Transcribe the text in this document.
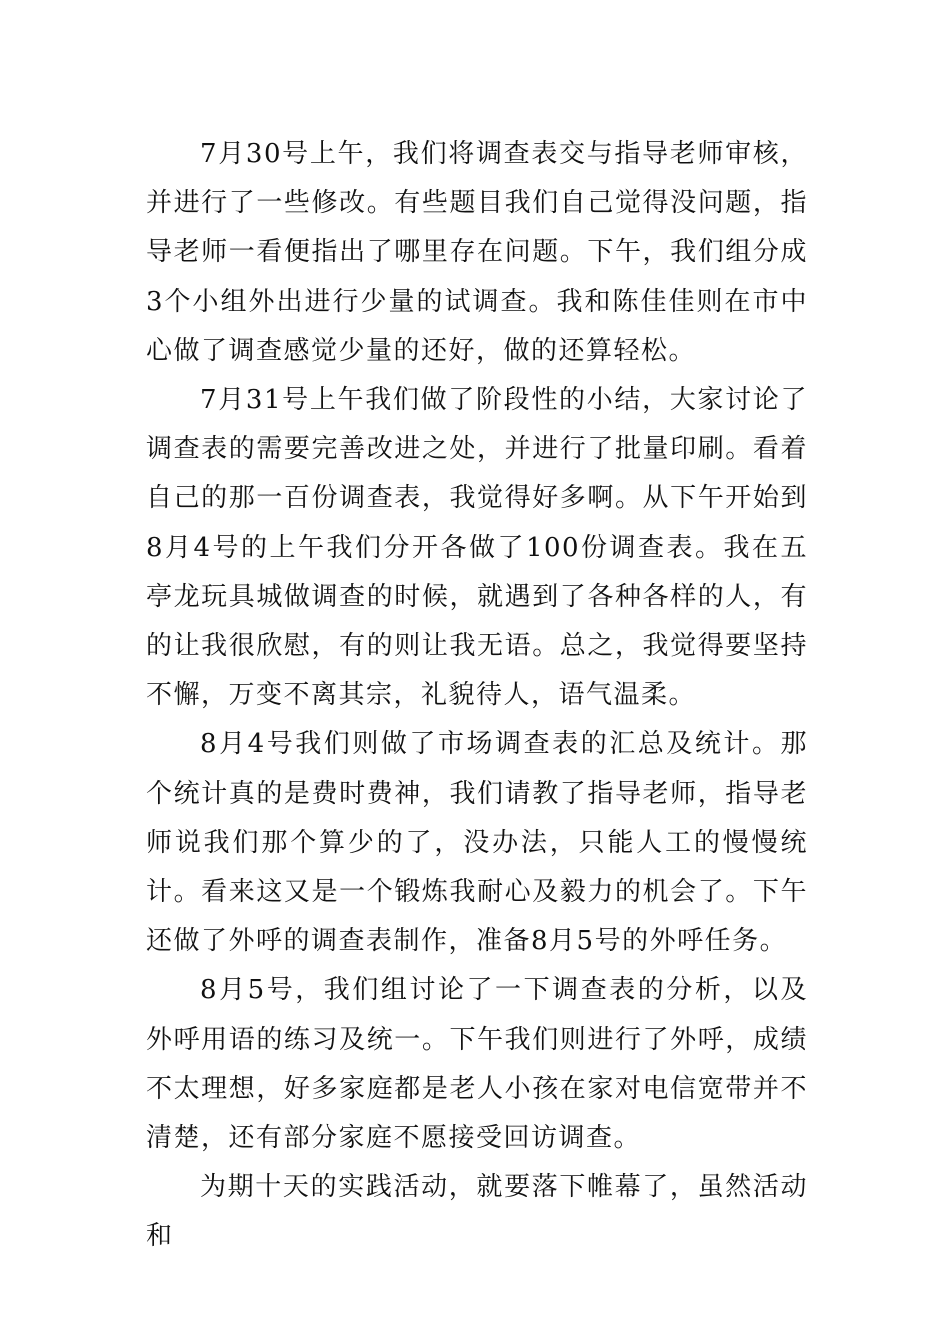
7月30号上午，我们将调查表交与指导老师审核，并进行了一些修改。有些题目我们自己觉得没问题，指导老师一看便指出了哪里存在问题。下午，我们组分成3个小组外出进行少量的试调查。我和陈佳佳则在市中心做了调查感觉少量的还好，做的还算轻松。

7月31号上午我们做了阶段性的小结，大家讨论了调查表的需要完善改进之处，并进行了批量印刷。看着自己的那一百份调查表，我觉得好多啊。从下午开始到8月4号的上午我们分开各做了100份调查表。我在五亭龙玩具城做调查的时候，就遇到了各种各样的人，有的让我很欣慰，有的则让我无语。总之，我觉得要坚持不懈，万变不离其宗，礼貌待人，语气温柔。

8月4号我们则做了市场调查表的汇总及统计。那个统计真的是费时费神，我们请教了指导老师，指导老师说我们那个算少的了，没办法，只能人工的慢慢统计。看来这又是一个锻炼我耐心及毅力的机会了。下午还做了外呼的调查表制作，准备8月5号的外呼任务。

8月5号，我们组讨论了一下调查表的分析，以及外呼用语的练习及统一。下午我们则进行了外呼，成绩不太理想，好多家庭都是老人小孩在家对电信宽带并不清楚，还有部分家庭不愿接受回访调查。

为期十天的实践活动，就要落下帷幕了，虽然活动和
